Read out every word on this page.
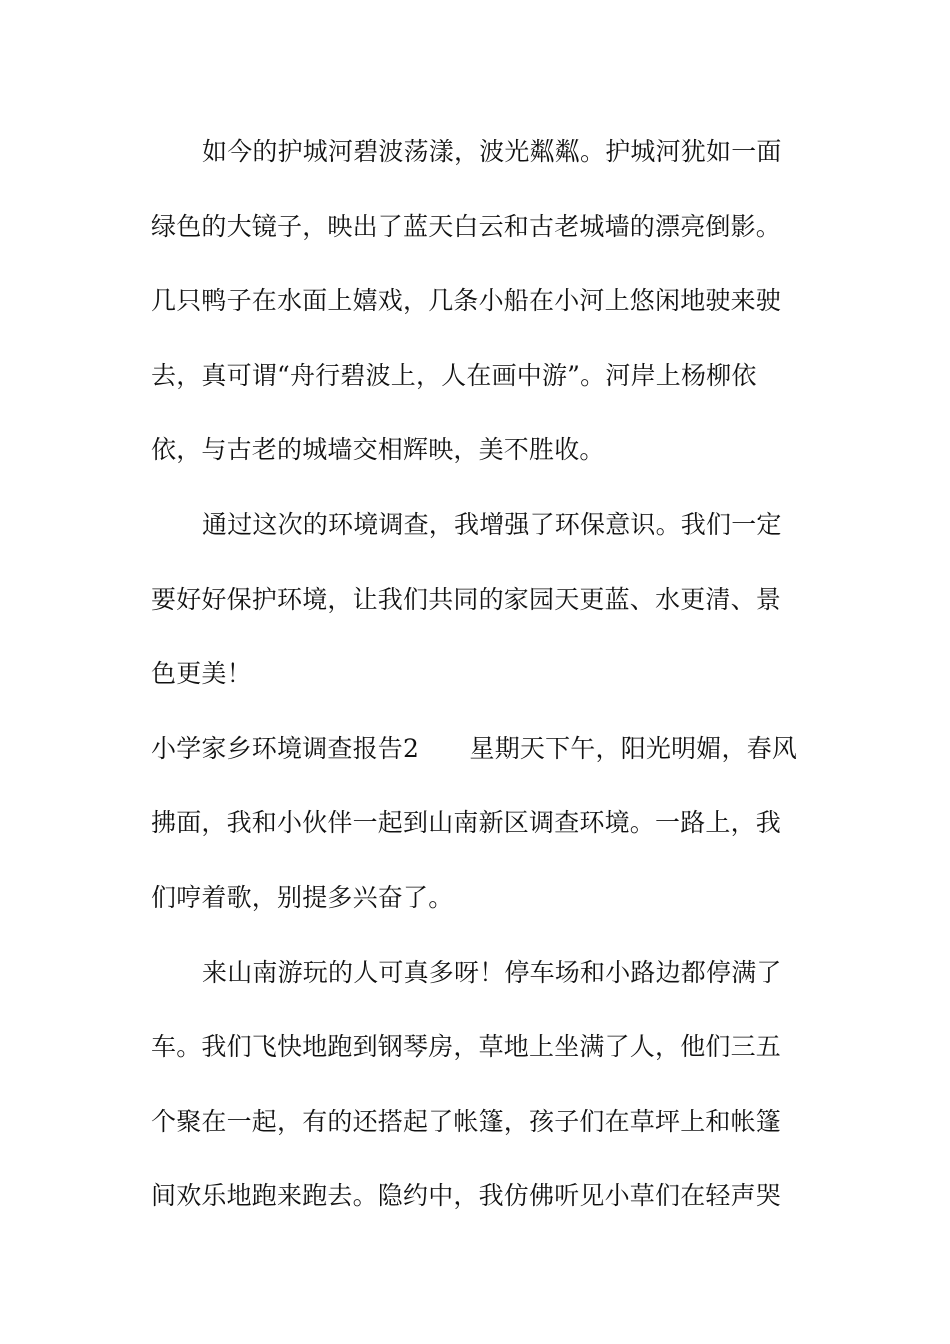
如今的护城河碧波荡漾，波光粼粼。护城河犹如一面
绿色的大镜子，映出了蓝天白云和古老城墙的漂亮倒影。
几只鸭子在水面上嬉戏，几条小船在小河上悠闲地驶来驶
去，真可谓“舟行碧波上，人在画中游”。河岸上杨柳依
依，与古老的城墙交相辉映，美不胜收。
通过这次的环境调查，我增强了环保意识。我们一定
要好好保护环境，让我们共同的家园天更蓝、水更清、景
色更美！
小学家乡环境调查报告2　　星期天下午，阳光明媚，春风
拂面，我和小伙伴一起到山南新区调查环境。一路上，我
们哼着歌，别提多兴奋了。
来山南游玩的人可真多呀！停车场和小路边都停满了
车。我们飞快地跑到钢琴房，草地上坐满了人，他们三五
个聚在一起，有的还搭起了帐篷，孩子们在草坪上和帐篷
间欢乐地跑来跑去。隐约中，我仿佛听见小草们在轻声哭
